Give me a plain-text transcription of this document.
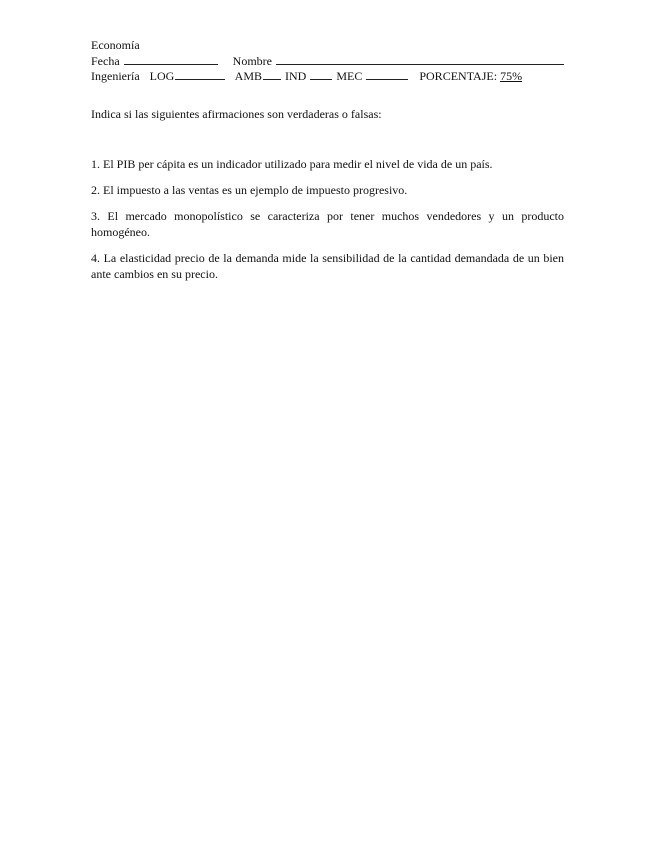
Economía
Fecha	Nombre
Ingeniería LOG	AMB IND	MEC	PORCENTAJE: 75%
Indica si las siguientes afirmaciones son verdaderas o falsas:
1. El PIB per cápita es un indicador utilizado para medir el nivel de vida de un país.
2. El impuesto a las ventas es un ejemplo de impuesto progresivo.
3. El mercado monopolístico se caracteriza por tener muchos vendedores y un producto homogéneo.
4. La elasticidad precio de la demanda mide la sensibilidad de la cantidad demandada de un bien ante cambios en su precio.
